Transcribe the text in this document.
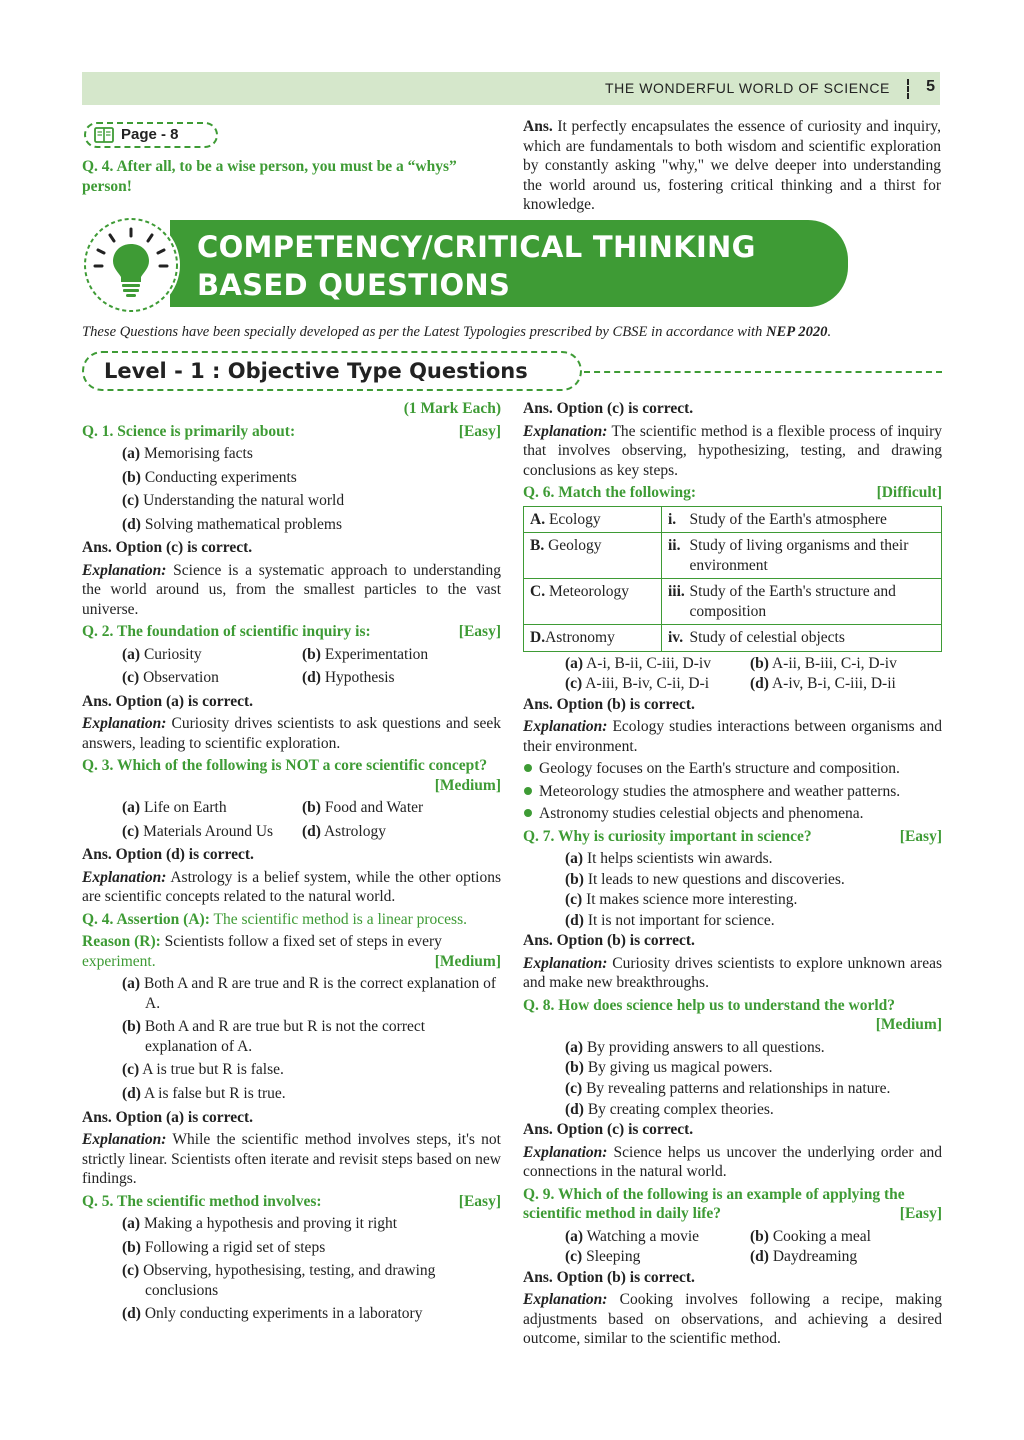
THE WONDERFUL WORLD OF SCIENCE 5
Page - 8
Q. 4. After all, to be a wise person, you must be a “whys” person!
Ans. It perfectly encapsulates the essence of curiosity and inquiry, which are fundamentals to both wisdom and scientific exploration by constantly asking "why," we delve deeper into understanding the world around us, fostering critical thinking and a thirst for knowledge.
COMPETENCY/CRITICAL THINKING
BASED QUESTIONS
These Questions have been specially developed as per the Latest Typologies prescribed by CBSE in accordance with NEP 2020.
Level - 1 : Objective Type Questions
(1 Mark Each)
Q. 1. Science is primarily about:	[Easy]
(a) Memorising facts
(b) Conducting experiments
(c) Understanding the natural world
(d) Solving mathematical problems
Ans. Option (c) is correct.
Explanation: Science is a systematic approach to understanding the world around us, from the smallest particles to the vast universe.
Q. 2. The foundation of scientific inquiry is:	[Easy]
(a) Curiosity	(b) Experimentation
(c) Observation	(d) Hypothesis
Ans. Option (a) is correct.
Explanation: Curiosity drives scientists to ask questions and seek answers, leading to scientific exploration.
Q. 3. Which of the following is NOT a core scientific concept?
[Medium]
(a) Life on Earth	(b) Food and Water
(c) Materials Around Us	(d) Astrology
Ans. Option (d) is correct.
Explanation: Astrology is a belief system, while the other options are scientific concepts related to the natural world.
Q. 4. Assertion (A): The scientific method is a linear process.
Reason (R): Scientists follow a fixed set of steps in every
experiment.	[Medium]
(a) Both A and R are true and R is the correct explanation of A.
(b) Both A and R are true but R is not the correct explanation of A.
(c) A is true but R is false.
(d) A is false but R is true.
Ans. Option (a) is correct.
Explanation: While the scientific method involves steps, it's not strictly linear. Scientists often iterate and revisit steps based on new findings.
Q. 5. The scientific method involves:	[Easy]
(a) Making a hypothesis and proving it right
(b) Following a rigid set of steps
(c) Observing, hypothesising, testing, and drawing conclusions
(d) Only conducting experiments in a laboratory
Ans. Option (c) is correct.
Explanation: The scientific method is a flexible process of inquiry that involves observing, hypothesizing, testing, and drawing conclusions as key steps.
Q. 6. Match the following:	[Difficult]
A. Ecology	i.	Study of the Earth's atmosphere
B. Geology	ii.	Study of living organisms and their environment
C. Meteorology	iii.	Study of the Earth's structure and composition
D.Astronomy	iv.	Study of celestial objects
(a) A-i, B-ii, C-iii, D-iv	(b) A-ii, B-iii, C-i, D-iv
(c) A-iii, B-iv, C-ii, D-i	(d) A-iv, B-i, C-iii, D-ii
Ans. Option (b) is correct.
Explanation: Ecology studies interactions between organisms and their environment.
Geology focuses on the Earth's structure and composition.
Meteorology studies the atmosphere and weather patterns.
Astronomy studies celestial objects and phenomena.
Q. 7. Why is curiosity important in science?	[Easy]
(a) It helps scientists win awards.
(b) It leads to new questions and discoveries.
(c) It makes science more interesting.
(d) It is not important for science.
Ans. Option (b) is correct.
Explanation: Curiosity drives scientists to explore unknown areas and make new breakthroughs.
Q. 8. How does science help us to understand the world?
[Medium]
(a) By providing answers to all questions.
(b) By giving us magical powers.
(c) By revealing patterns and relationships in nature.
(d) By creating complex theories.
Ans. Option (c) is correct.
Explanation: Science helps us uncover the underlying order and connections in the natural world.
Q. 9. Which of the following is an example of applying the scientific method in daily life?	[Easy]
(a) Watching a movie	(b) Cooking a meal
(c) Sleeping	(d) Daydreaming
Ans. Option (b) is correct.
Explanation: Cooking involves following a recipe, making adjustments based on observations, and achieving a desired outcome, similar to the scientific method.
